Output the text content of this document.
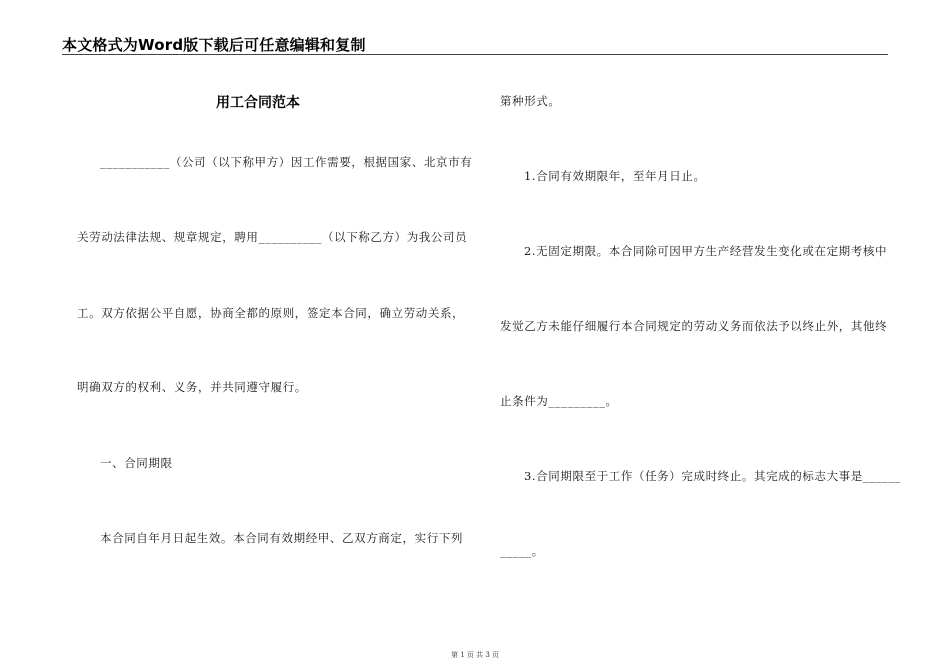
本文格式为Word版下载后可任意编辑和复制
用工合同范本
___________（公司（以下称甲方）因工作需要，根据国家、北京市有
关劳动法律法规、规章规定，聘用__________（以下称乙方）为我公司员
工。双方依据公平自愿，协商全都的原则，签定本合同，确立劳动关系，
明确双方的权利、义务，并共同遵守履行。
一、合同期限
本合同自年月日起生效。本合同有效期经甲、乙双方商定，实行下列
第种形式。
1.合同有效期限年，至年月日止。
2.无固定期限。本合同除可因甲方生产经营发生变化或在定期考核中
发觉乙方未能仔细履行本合同规定的劳动义务而依法予以终止外，其他终
止条件为_________。
3.合同期限至于工作（任务）完成时终止。其完成的标志大事是______
_____。
第 1 页 共 3 页
